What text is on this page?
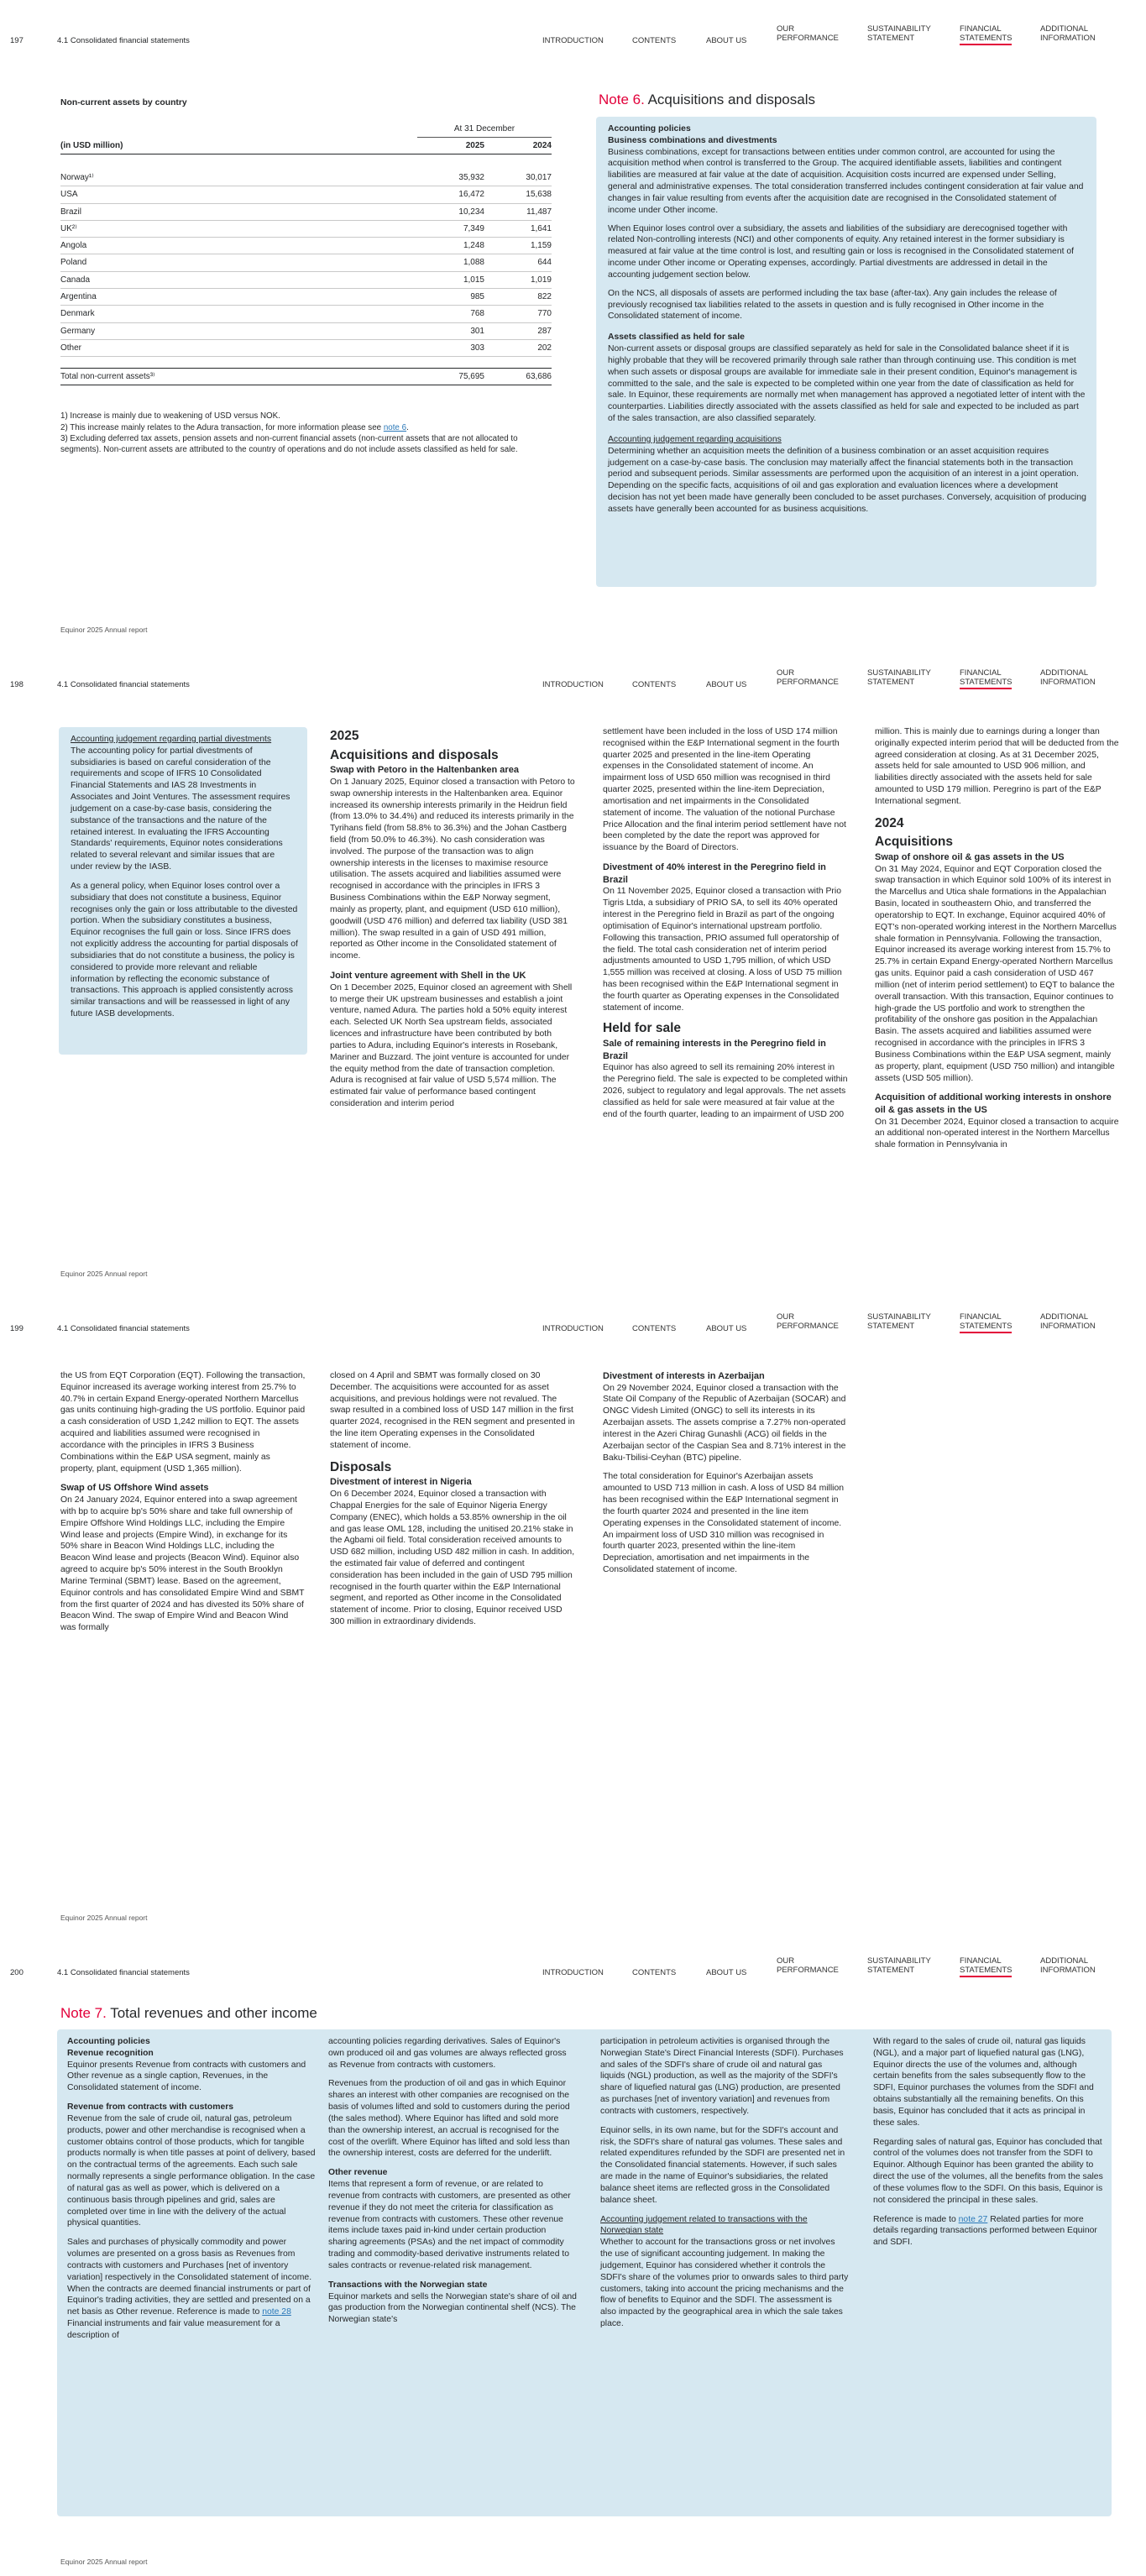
197	4.1 Consolidated financial statements	INTRODUCTION	CONTENTS	ABOUT US
OUR
PERFORMANCE
SUSTAINABILITY
STATEMENT
FINANCIAL
STATEMENTS
ADDITIONAL
INFORMATION
Non-current assets by country
	At 31 December	
(in USD million)	2025	2024

Norway¹⁾	35,932	30,017
USA	16,472	15,638
Brazil	10,234	11,487
UK²⁾	7,349	1,641
Angola	1,248	1,159
Poland	1,088	644
Canada	1,015	1,019
Argentina	985	822
Denmark	768	770
Germany	301	287
Other	303	202

Total non-current assets³⁾	75,695	63,686

1) Increase is mainly due to weakening of USD versus NOK.

2) This increase mainly relates to the Adura transaction, for more information please see note 6.

3) Excluding deferred tax assets, pension assets and non-current financial assets (non-current assets that are not allocated to segments). Non-current assets are attributed to the country of operations and do not include assets classified as held for sale.

Note 6. Acquisitions and disposals
Accounting policies
Business combinations and divestments

Business combinations, except for transactions between entities under common control, are accounted for using the acquisition method when control is transferred to the Group. The acquired identifiable assets, liabilities and contingent liabilities are measured at fair value at the date of acquisition. Acquisition costs incurred are expensed under Selling, general and administrative expenses. The total consideration transferred includes contingent consideration at fair value and changes in fair value resulting from events after the acquisition date are recognised in the Consolidated statement of income under Other income.

When Equinor loses control over a subsidiary, the assets and liabilities of the subsidiary are derecognised together with related Non-controlling interests (NCI) and other components of equity. Any retained interest in the former subsidiary is measured at fair value at the time control is lost, and resulting gain or loss is recognised in the Consolidated statement of income under Other income or Operating expenses, accordingly. Partial divestments are addressed in detail in the accounting judgement section below.

On the NCS, all disposals of assets are performed including the tax base (after-tax). Any gain includes the release of previously recognised tax liabilities related to the assets in question and is fully recognised in Other income in the Consolidated statement of income.

Assets classified as held for sale

Non-current assets or disposal groups are classified separately as held for sale in the Consolidated balance sheet if it is highly probable that they will be recovered primarily through sale rather than through continuing use. This condition is met when such assets or disposal groups are available for immediate sale in their present condition, Equinor's management is committed to the sale, and the sale is expected to be completed within one year from the date of classification as held for sale. In Equinor, these requirements are normally met when management has approved a negotiated letter of intent with the counterparties. Liabilities directly associated with the assets classified as held for sale and expected to be included as part of the sales transaction, are also classified separately.

Accounting judgement regarding acquisitions

Determining whether an acquisition meets the definition of a business combination or an asset acquisition requires judgement on a case-by-case basis. The conclusion may materially affect the financial statements both in the transaction period and subsequent periods. Similar assessments are performed upon the acquisition of an interest in a joint operation. Depending on the specific facts, acquisitions of oil and gas exploration and evaluation licences where a development decision has not yet been made have generally been concluded to be asset purchases. Conversely, acquisition of producing assets have generally been accounted for as business acquisitions.

Equinor 2025 Annual report
198	4.1 Consolidated financial statements	INTRODUCTION	CONTENTS	ABOUT US
OUR
PERFORMANCE
SUSTAINABILITY
STATEMENT
FINANCIAL
STATEMENTS
ADDITIONAL
INFORMATION
Accounting judgement regarding partial divestments

The accounting policy for partial divestments of subsidiaries is based on careful consideration of the requirements and scope of IFRS 10 Consolidated Financial Statements and IAS 28 Investments in Associates and Joint Ventures. The assessment requires judgement on a case-by-case basis, considering the substance of the transactions and the nature of the retained interest. In evaluating the IFRS Accounting Standards' requirements, Equinor notes considerations related to several relevant and similar issues that are under review by the IASB.

As a general policy, when Equinor loses control over a subsidiary that does not constitute a business, Equinor recognises only the gain or loss attributable to the divested portion. When the subsidiary constitutes a business, Equinor recognises the full gain or loss. Since IFRS does not explicitly address the accounting for partial disposals of subsidiaries that do not constitute a business, the policy is considered to provide more relevant and reliable information by reflecting the economic substance of transactions. This approach is applied consistently across similar transactions and will be reassessed in light of any future IASB developments.

2025
Acquisitions and disposals
Swap with Petoro in the Haltenbanken area

On 1 January 2025, Equinor closed a transaction with Petoro to swap ownership interests in the Haltenbanken area. Equinor increased its ownership interests primarily in the Heidrun field (from 13.0% to 34.4%) and reduced its interests primarily in the Tyrihans field (from 58.8% to 36.3%) and the Johan Castberg field (from 50.0% to 46.3%). No cash consideration was involved. The purpose of the transaction was to align ownership interests in the licenses to maximise resource utilisation. The assets acquired and liabilities assumed were recognised in accordance with the principles in IFRS 3 Business Combinations within the E&P Norway segment, mainly as property, plant, and equipment (USD 610 million), goodwill (USD 476 million) and deferred tax liability (USD 381 million). The swap resulted in a gain of USD 491 million, reported as Other income in the Consolidated statement of income.

Joint venture agreement with Shell in the UK

On 1 December 2025, Equinor closed an agreement with Shell to merge their UK upstream businesses and establish a joint venture, named Adura. The parties hold a 50% equity interest each. Selected UK North Sea upstream fields, associated licences and infrastructure have been contributed by both parties to Adura, including Equinor's interests in Rosebank, Mariner and Buzzard. The joint venture is accounted for under the equity method from the date of transaction completion. Adura is recognised at fair value of USD 5,574 million. The estimated fair value of performance based contingent consideration and interim period

settlement have been included in the loss of USD 174 million recognised within the E&P International segment in the fourth quarter 2025 and presented in the line-item Operating expenses in the Consolidated statement of income. An impairment loss of USD 650 million was recognised in third quarter 2025, presented within the line-item Depreciation, amortisation and net impairments in the Consolidated statement of income. The valuation of the notional Purchase Price Allocation and the final interim period settlement have not been completed by the date the report was approved for issuance by the Board of Directors.

Divestment of 40% interest in the Peregrino field in Brazil

On 11 November 2025, Equinor closed a transaction with Prio Tigris Ltda, a subsidiary of PRIO SA, to sell its 40% operated interest in the Peregrino field in Brazil as part of the ongoing optimisation of Equinor's international upstream portfolio. Following this transaction, PRIO assumed full operatorship of the field. The total cash consideration net of interim period adjustments amounted to USD 1,795 million, of which USD 1,555 million was received at closing. A loss of USD 75 million has been recognised within the E&P International segment in the fourth quarter as Operating expenses in the Consolidated statement of income.

Held for sale
Sale of remaining interests in the Peregrino field in Brazil

Equinor has also agreed to sell its remaining 20% interest in the Peregrino field. The sale is expected to be completed within 2026, subject to regulatory and legal approvals. The net assets classified as held for sale were measured at fair value at the end of the fourth quarter, leading to an impairment of USD 200

million. This is mainly due to earnings during a longer than originally expected interim period that will be deducted from the agreed consideration at closing. As at 31 December 2025, assets held for sale amounted to USD 906 million, and liabilities directly associated with the assets held for sale amounted to USD 179 million. Peregrino is part of the E&P International segment.

2024
Acquisitions
Swap of onshore oil & gas assets in the US

On 31 May 2024, Equinor and EQT Corporation closed the swap transaction in which Equinor sold 100% of its interest in the Marcellus and Utica shale formations in the Appalachian Basin, located in southeastern Ohio, and transferred the operatorship to EQT. In exchange, Equinor acquired 40% of EQT's non-operated working interest in the Northern Marcellus shale formation in Pennsylvania. Following the transaction, Equinor increased its average working interest from 15.7% to 25.7% in certain Expand Energy-operated Northern Marcellus gas units. Equinor paid a cash consideration of USD 467 million (net of interim period settlement) to EQT to balance the overall transaction. With this transaction, Equinor continues to high-grade the US portfolio and work to strengthen the profitability of the onshore gas position in the Appalachian Basin. The assets acquired and liabilities assumed were recognised in accordance with the principles in IFRS 3 Business Combinations within the E&P USA segment, mainly as property, plant, equipment (USD 750 million) and intangible assets (USD 505 million).

Acquisition of additional working interests in onshore oil & gas assets in the US

On 31 December 2024, Equinor closed a transaction to acquire an additional non-operated interest in the Northern Marcellus shale formation in Pennsylvania in

Equinor 2025 Annual report
199	4.1 Consolidated financial statements	INTRODUCTION	CONTENTS	ABOUT US
OUR
PERFORMANCE
SUSTAINABILITY
STATEMENT
FINANCIAL
STATEMENTS
ADDITIONAL
INFORMATION

the US from EQT Corporation (EQT). Following the transaction, Equinor increased its average working interest from 25.7% to 40.7% in certain Expand Energy-operated Northern Marcellus gas units continuing high-grading the US portfolio. Equinor paid a cash consideration of USD 1,242 million to EQT. The assets acquired and liabilities assumed were recognised in accordance with the principles in IFRS 3 Business Combinations within the E&P USA segment, mainly as property, plant, equipment (USD 1,365 million).

Swap of US Offshore Wind assets

On 24 January 2024, Equinor entered into a swap agreement with bp to acquire bp's 50% share and take full ownership of Empire Offshore Wind Holdings LLC, including the Empire Wind lease and projects (Empire Wind), in exchange for its 50% share in Beacon Wind Holdings LLC, including the Beacon Wind lease and projects (Beacon Wind). Equinor also agreed to acquire bp's 50% interest in the South Brooklyn Marine Terminal (SBMT) lease. Based on the agreement, Equinor controls and has consolidated Empire Wind and SBMT from the first quarter of 2024 and has divested its 50% share of Beacon Wind. The swap of Empire Wind and Beacon Wind was formally

closed on 4 April and SBMT was formally closed on 30 December. The acquisitions were accounted for as asset acquisitions, and previous holdings were not revalued. The swap resulted in a combined loss of USD 147 million in the first quarter 2024, recognised in the REN segment and presented in the line item Operating expenses in the Consolidated statement of income.

Disposals
Divestment of interest in Nigeria

On 6 December 2024, Equinor closed a transaction with Chappal Energies for the sale of Equinor Nigeria Energy Company (ENEC), which holds a 53.85% ownership in the oil and gas lease OML 128, including the unitised 20.21% stake in the Agbami oil field. Total consideration received amounts to USD 682 million, including USD 482 million in cash. In addition, the estimated fair value of deferred and contingent consideration has been included in the gain of USD 795 million recognised in the fourth quarter within the E&P International segment, and reported as Other income in the Consolidated statement of income. Prior to closing, Equinor received USD 300 million in extraordinary dividends.

Divestment of interests in Azerbaijan

On 29 November 2024, Equinor closed a transaction with the State Oil Company of the Republic of Azerbaijan (SOCAR) and ONGC Videsh Limited (ONGC) to sell its interests in its Azerbaijan assets. The assets comprise a 7.27% non-operated interest in the Azeri Chirag Gunashli (ACG) oil fields in the Azerbaijan sector of the Caspian Sea and 8.71% interest in the Baku-Tbilisi-Ceyhan (BTC) pipeline.

The total consideration for Equinor's Azerbaijan assets amounted to USD 713 million in cash. A loss of USD 84 million has been recognised within the E&P International segment in the fourth quarter 2024 and presented in the line item Operating expenses in the Consolidated statement of income. An impairment loss of USD 310 million was recognised in fourth quarter 2023, presented within the line-item Depreciation, amortisation and net impairments in the Consolidated statement of income.

Equinor 2025 Annual report
200	4.1 Consolidated financial statements	INTRODUCTION	CONTENTS	ABOUT US
OUR
PERFORMANCE
SUSTAINABILITY
STATEMENT
FINANCIAL
STATEMENTS
ADDITIONAL
INFORMATION
Note 7. Total revenues and other income
Accounting policies
Revenue recognition

Equinor presents Revenue from contracts with customers and Other revenue as a single caption, Revenues, in the Consolidated statement of income.

Revenue from contracts with customers

Revenue from the sale of crude oil, natural gas, petroleum products, power and other merchandise is recognised when a customer obtains control of those products, which for tangible products normally is when title passes at point of delivery, based on the contractual terms of the agreements. Each such sale normally represents a single performance obligation. In the case of natural gas as well as power, which is delivered on a continuous basis through pipelines and grid, sales are completed over time in line with the delivery of the actual physical quantities.

Sales and purchases of physically commodity and power volumes are presented on a gross basis as Revenues from contracts with customers and Purchases [net of inventory variation] respectively in the Consolidated statement of income. When the contracts are deemed financial instruments or part of Equinor's trading activities, they are settled and presented on a net basis as Other revenue. Reference is made to note 28 Financial instruments and fair value measurement for a description of

accounting policies regarding derivatives. Sales of Equinor's own produced oil and gas volumes are always reflected gross as Revenue from contracts with customers.

Revenues from the production of oil and gas in which Equinor shares an interest with other companies are recognised on the basis of volumes lifted and sold to customers during the period (the sales method). Where Equinor has lifted and sold more than the ownership interest, an accrual is recognised for the cost of the overlift. Where Equinor has lifted and sold less than the ownership interest, costs are deferred for the underlift.

Other revenue

Items that represent a form of revenue, or are related to revenue from contracts with customers, are presented as other revenue if they do not meet the criteria for classification as revenue from contracts with customers. These other revenue items include taxes paid in-kind under certain production sharing agreements (PSAs) and the net impact of commodity trading and commodity-based derivative instruments related to sales contracts or revenue-related risk management.

Transactions with the Norwegian state

Equinor markets and sells the Norwegian state's share of oil and gas production from the Norwegian continental shelf (NCS). The Norwegian state's

participation in petroleum activities is organised through the Norwegian State's Direct Financial Interests (SDFI). Purchases and sales of the SDFI's share of crude oil and natural gas liquids (NGL) production, as well as the majority of the SDFI's share of liquefied natural gas (LNG) production, are presented as purchases [net of inventory variation] and revenues from contracts with customers, respectively.

Equinor sells, in its own name, but for the SDFI's account and risk, the SDFI's share of natural gas volumes. These sales and related expenditures refunded by the SDFI are presented net in the Consolidated financial statements. However, if such sales are made in the name of Equinor's subsidiaries, the related balance sheet items are reflected gross in the Consolidated balance sheet.

Accounting judgement related to transactions with the Norwegian state

Whether to account for the transactions gross or net involves the use of significant accounting judgement. In making the judgement, Equinor has considered whether it controls the SDFI's share of the volumes prior to onwards sales to third party customers, taking into account the pricing mechanisms and the flow of benefits to Equinor and the SDFI. The assessment is also impacted by the geographical area in which the sale takes place.

With regard to the sales of crude oil, natural gas liquids (NGL), and a major part of liquefied natural gas (LNG), Equinor directs the use of the volumes and, although certain benefits from the sales subsequently flow to the SDFI, Equinor purchases the volumes from the SDFI and obtains substantially all the remaining benefits. On this basis, Equinor has concluded that it acts as principal in these sales.

Regarding sales of natural gas, Equinor has concluded that control of the volumes does not transfer from the SDFI to Equinor. Although Equinor has been granted the ability to direct the use of the volumes, all the benefits from the sales of these volumes flow to the SDFI. On this basis, Equinor is not considered the principal in these sales.

Reference is made to note 27 Related parties for more details regarding transactions performed between Equinor and SDFI.

Equinor 2025 Annual report
